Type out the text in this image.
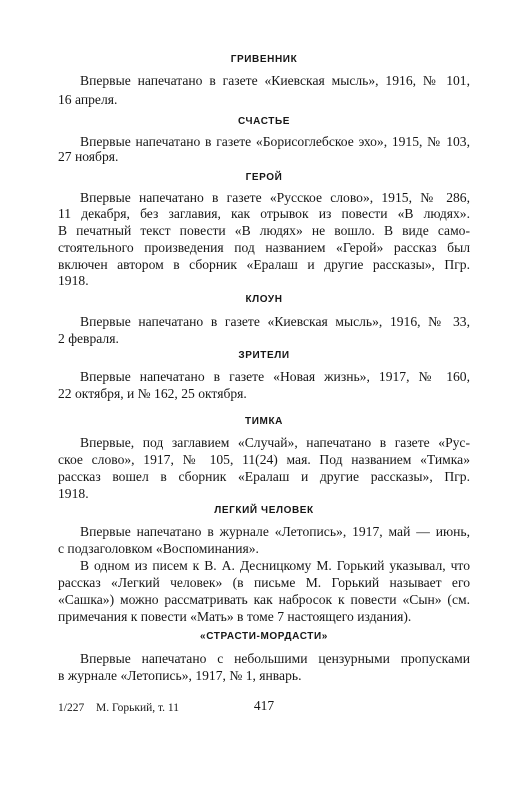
ГРИВЕННИК
Впервые напечатано в газете «Киевская мысль», 1916, № 101,
16 апреля.
СЧАСТЬЕ
Впервые напечатано в газете «Борисоглебское эхо», 1915, № 103,
27 ноября.
ГЕРОЙ
Впервые напечатано в газете «Русское слово», 1915, № 286,
11 декабря, без заглавия, как отрывок из повести «В людях».
В печатный текст повести «В людях» не вошло. В виде само-
стоятельного произведения под названием «Герой» рассказ был
включен автором в сборник «Ералаш и другие рассказы», Пгр.
1918.
КЛОУН
Впервые напечатано в газете «Киевская мысль», 1916, № 33,
2 февраля.
ЗРИТЕЛИ
Впервые напечатано в газете «Новая жизнь», 1917, № 160,
22 октября, и № 162, 25 октября.
ТИМКА
Впервые, под заглавием «Случай», напечатано в газете «Рус-
ское слово», 1917, № 105, 11(24) мая. Под названием «Тимка»
рассказ вошел в сборник «Ералаш и другие рассказы», Пгр.
1918.
ЛЕГКИЙ ЧЕЛОВЕК
Впервые напечатано в журнале «Летопись», 1917, май — июнь,
с подзаголовком «Воспоминания».
В одном из писем к В. А. Десницкому М. Горький указывал, что
рассказ «Легкий человек» (в письме М. Горький называет его
«Сашка») можно рассматривать как набросок к повести «Сын» (см.
примечания к повести «Мать» в томе 7 настоящего издания).
«СТРАСТИ-МОРДАСТИ»
Впервые напечатано с небольшими цензурными пропусками
в журнале «Летопись», 1917, № 1, январь.
1/227 М. Горький, т. 11	417
